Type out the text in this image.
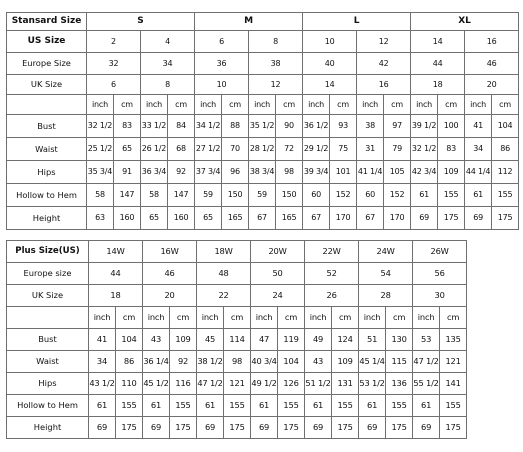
Stansard Size	S				M				L				XL			
US Size	2		4		6		8		10		12		14		16	
Europe Size	32		34		36		38		40		42		44		46	
UK Size	6		8		10		12		14		16		18		20	
	inch	cm	inch	cm	inch	cm	inch	cm	inch	cm	inch	cm	inch	cm	inch	cm
Bust	32 1/2	83	33 1/2	84	34 1/2	88	35 1/2	90	36 1/2	93	38	97	39 1/2	100	41	104
Waist	25 1/2	65	26 1/2	68	27 1/2	70	28 1/2	72	29 1/2	75	31	79	32 1/2	83	34	86
Hips	35 3/4	91	36 3/4	92	37 3/4	96	38 3/4	98	39 3/4	101	41 1/4	105	42 3/4	109	44 1/4	112
Hollow to Hem	58	147	58	147	59	150	59	150	60	152	60	152	61	155	61	155
Height	63	160	65	160	65	165	67	165	67	170	67	170	69	175	69	175
Plus Size(US)	14W		16W		18W		20W		22W		24W		26W	
Europe size	44		46		48		50		52		54		56	
UK Size	18		20		22		24		26		28		30	
	inch	cm	inch	cm	inch	cm	inch	cm	inch	cm	inch	cm	inch	cm
Bust	41	104	43	109	45	114	47	119	49	124	51	130	53	135
Waist	34	86	36 1/4	92	38 1/2	98	40 3/4	104	43	109	45 1/4	115	47 1/2	121
Hips	43 1/2	110	45 1/2	116	47 1/2	121	49 1/2	126	51 1/2	131	53 1/2	136	55 1/2	141
Hollow to Hem	61	155	61	155	61	155	61	155	61	155	61	155	61	155
Height	69	175	69	175	69	175	69	175	69	175	69	175	69	175
